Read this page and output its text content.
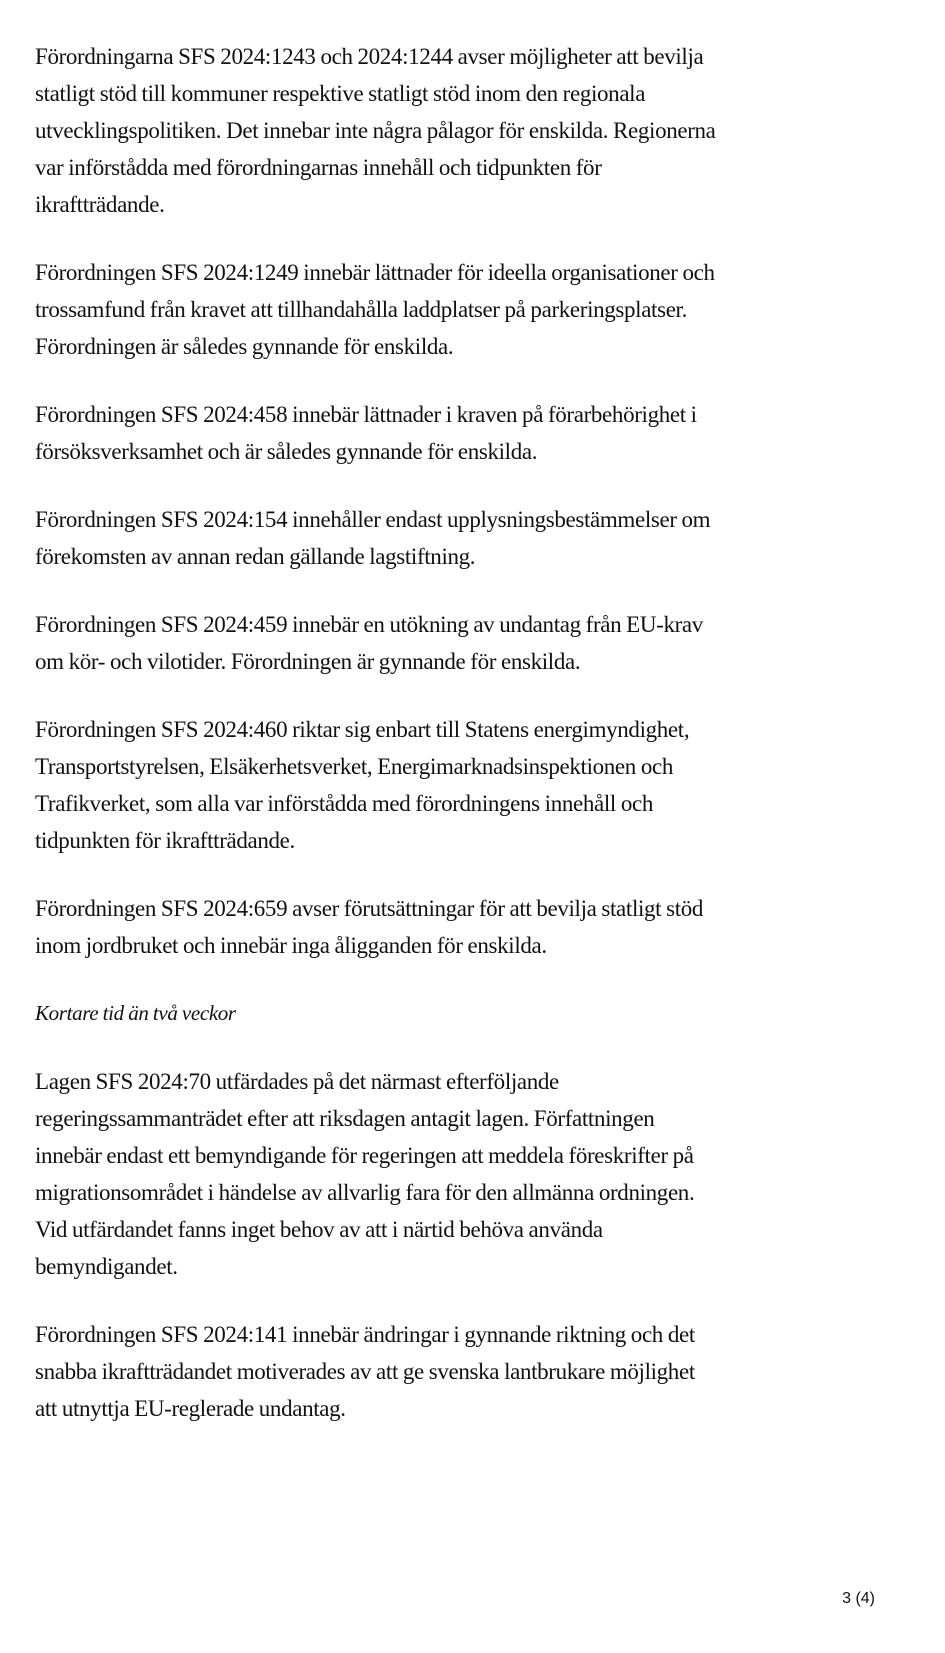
Förordningarna SFS 2024:1243 och 2024:1244 avser möjligheter att bevilja
statligt stöd till kommuner respektive statligt stöd inom den regionala
utvecklingspolitiken. Det innebar inte några pålagor för enskilda. Regionerna
var införstådda med förordningarnas innehåll och tidpunkten för
ikraftträdande.

Förordningen SFS 2024:1249 innebär lättnader för ideella organisationer och
trossamfund från kravet att tillhandahålla laddplatser på parkeringsplatser.
Förordningen är således gynnande för enskilda.

Förordningen SFS 2024:458 innebär lättnader i kraven på förarbehörighet i
försöksverksamhet och är således gynnande för enskilda.

Förordningen SFS 2024:154 innehåller endast upplysningsbestämmelser om
förekomsten av annan redan gällande lagstiftning.

Förordningen SFS 2024:459 innebär en utökning av undantag från EU-krav
om kör- och vilotider. Förordningen är gynnande för enskilda.

Förordningen SFS 2024:460 riktar sig enbart till Statens energimyndighet,
Transportstyrelsen, Elsäkerhetsverket, Energimarknadsinspektionen och
Trafikverket, som alla var införstådda med förordningens innehåll och
tidpunkten för ikraftträdande.

Förordningen SFS 2024:659 avser förutsättningar för att bevilja statligt stöd
inom jordbruket och innebär inga åligganden för enskilda.

Kortare tid än två veckor

Lagen SFS 2024:70 utfärdades på det närmast efterföljande
regeringssammanträdet efter att riksdagen antagit lagen. Författningen
innebär endast ett bemyndigande för regeringen att meddela föreskrifter på
migrationsområdet i händelse av allvarlig fara för den allmänna ordningen.
Vid utfärdandet fanns inget behov av att i närtid behöva använda
bemyndigandet.

Förordningen SFS 2024:141 innebär ändringar i gynnande riktning och det
snabba ikraftträdandet motiverades av att ge svenska lantbrukare möjlighet
att utnyttja EU-reglerade undantag.

3 (4)
